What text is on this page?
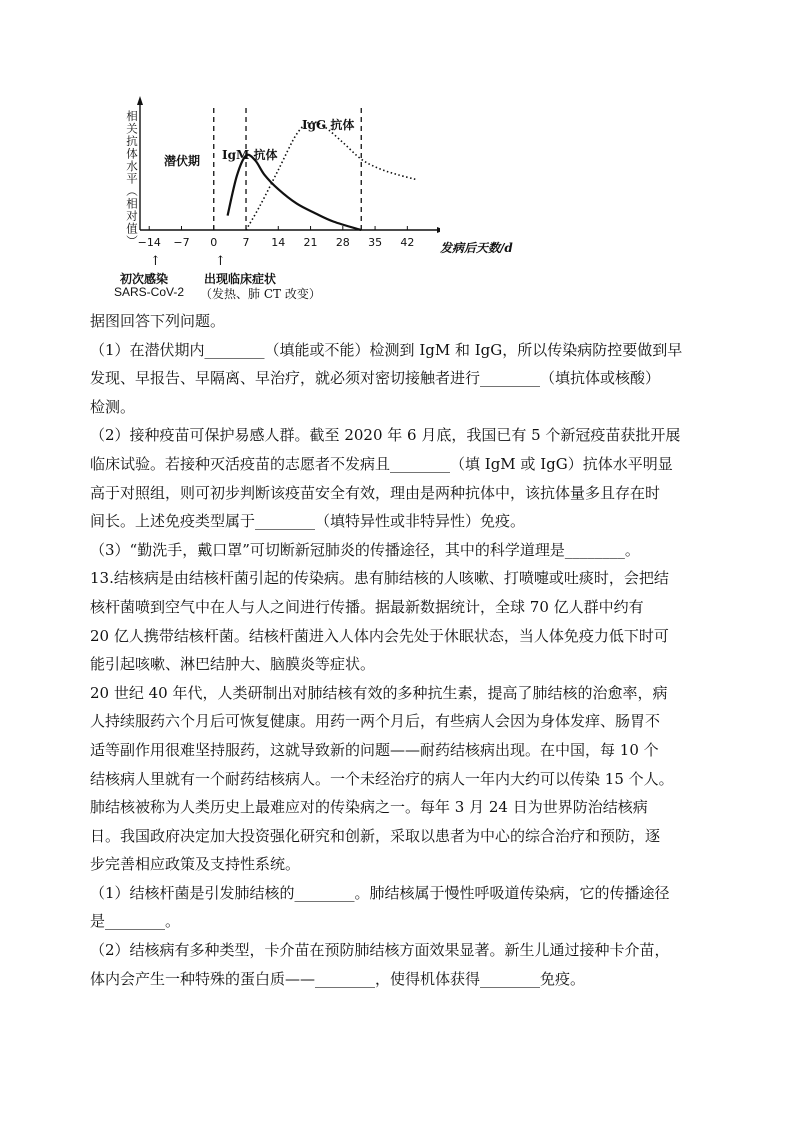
−14 −7 0 7 14 21 28 35 42
相关抗体水平（相对值） 潜伏期 IgM 抗体
IgG 抗体
发病后天数/d
↑	↑
初次感染
SARS-CoV-2
出现临床症状
（发热、肺 CT 改变）
据图回答下列问题。
（1）在潜伏期内________（填能或不能）检测到 IgM 和 IgG，所以传染病防控要做到早
发现、早报告、早隔离、早治疗，就必须对密切接触者进行________（填抗体或核酸）
检测。
（2）接种疫苗可保护易感人群。截至 2020 年 6 月底，我国已有 5 个新冠疫苗获批开展
临床试验。若接种灭活疫苗的志愿者不发病且________（填 IgM 或 IgG）抗体水平明显
高于对照组，则可初步判断该疫苗安全有效，理由是两种抗体中，该抗体量多且存在时
间长。上述免疫类型属于________（填特异性或非特异性）免疫。
（3）“勤洗手，戴口罩”可切断新冠肺炎的传播途径，其中的科学道理是________。
13.结核病是由结核杆菌引起的传染病。患有肺结核的人咳嗽、打喷嚏或吐痰时，会把结
核杆菌喷到空气中在人与人之间进行传播。据最新数据统计，全球 70 亿人群中约有
20 亿人携带结核杆菌。结核杆菌进入人体内会先处于休眠状态，当人体免疫力低下时可
能引起咳嗽、淋巴结肿大、脑膜炎等症状。
20 世纪 40 年代，人类研制出对肺结核有效的多种抗生素，提高了肺结核的治愈率，病
人持续服药六个月后可恢复健康。用药一两个月后，有些病人会因为身体发痒、肠胃不
适等副作用很难坚持服药，这就导致新的问题——耐药结核病出现。在中国，每 10 个
结核病人里就有一个耐药结核病人。一个未经治疗的病人一年内大约可以传染 15 个人。
肺结核被称为人类历史上最难应对的传染病之一。每年 3 月 24 日为世界防治结核病
日。我国政府决定加大投资强化研究和创新，采取以患者为中心的综合治疗和预防，逐
步完善相应政策及支持性系统。
（1）结核杆菌是引发肺结核的________。肺结核属于慢性呼吸道传染病，它的传播途径
是________。
（2）结核病有多种类型，卡介苗在预防肺结核方面效果显著。新生儿通过接种卡介苗，
体内会产生一种特殊的蛋白质——________，使得机体获得________免疫。
